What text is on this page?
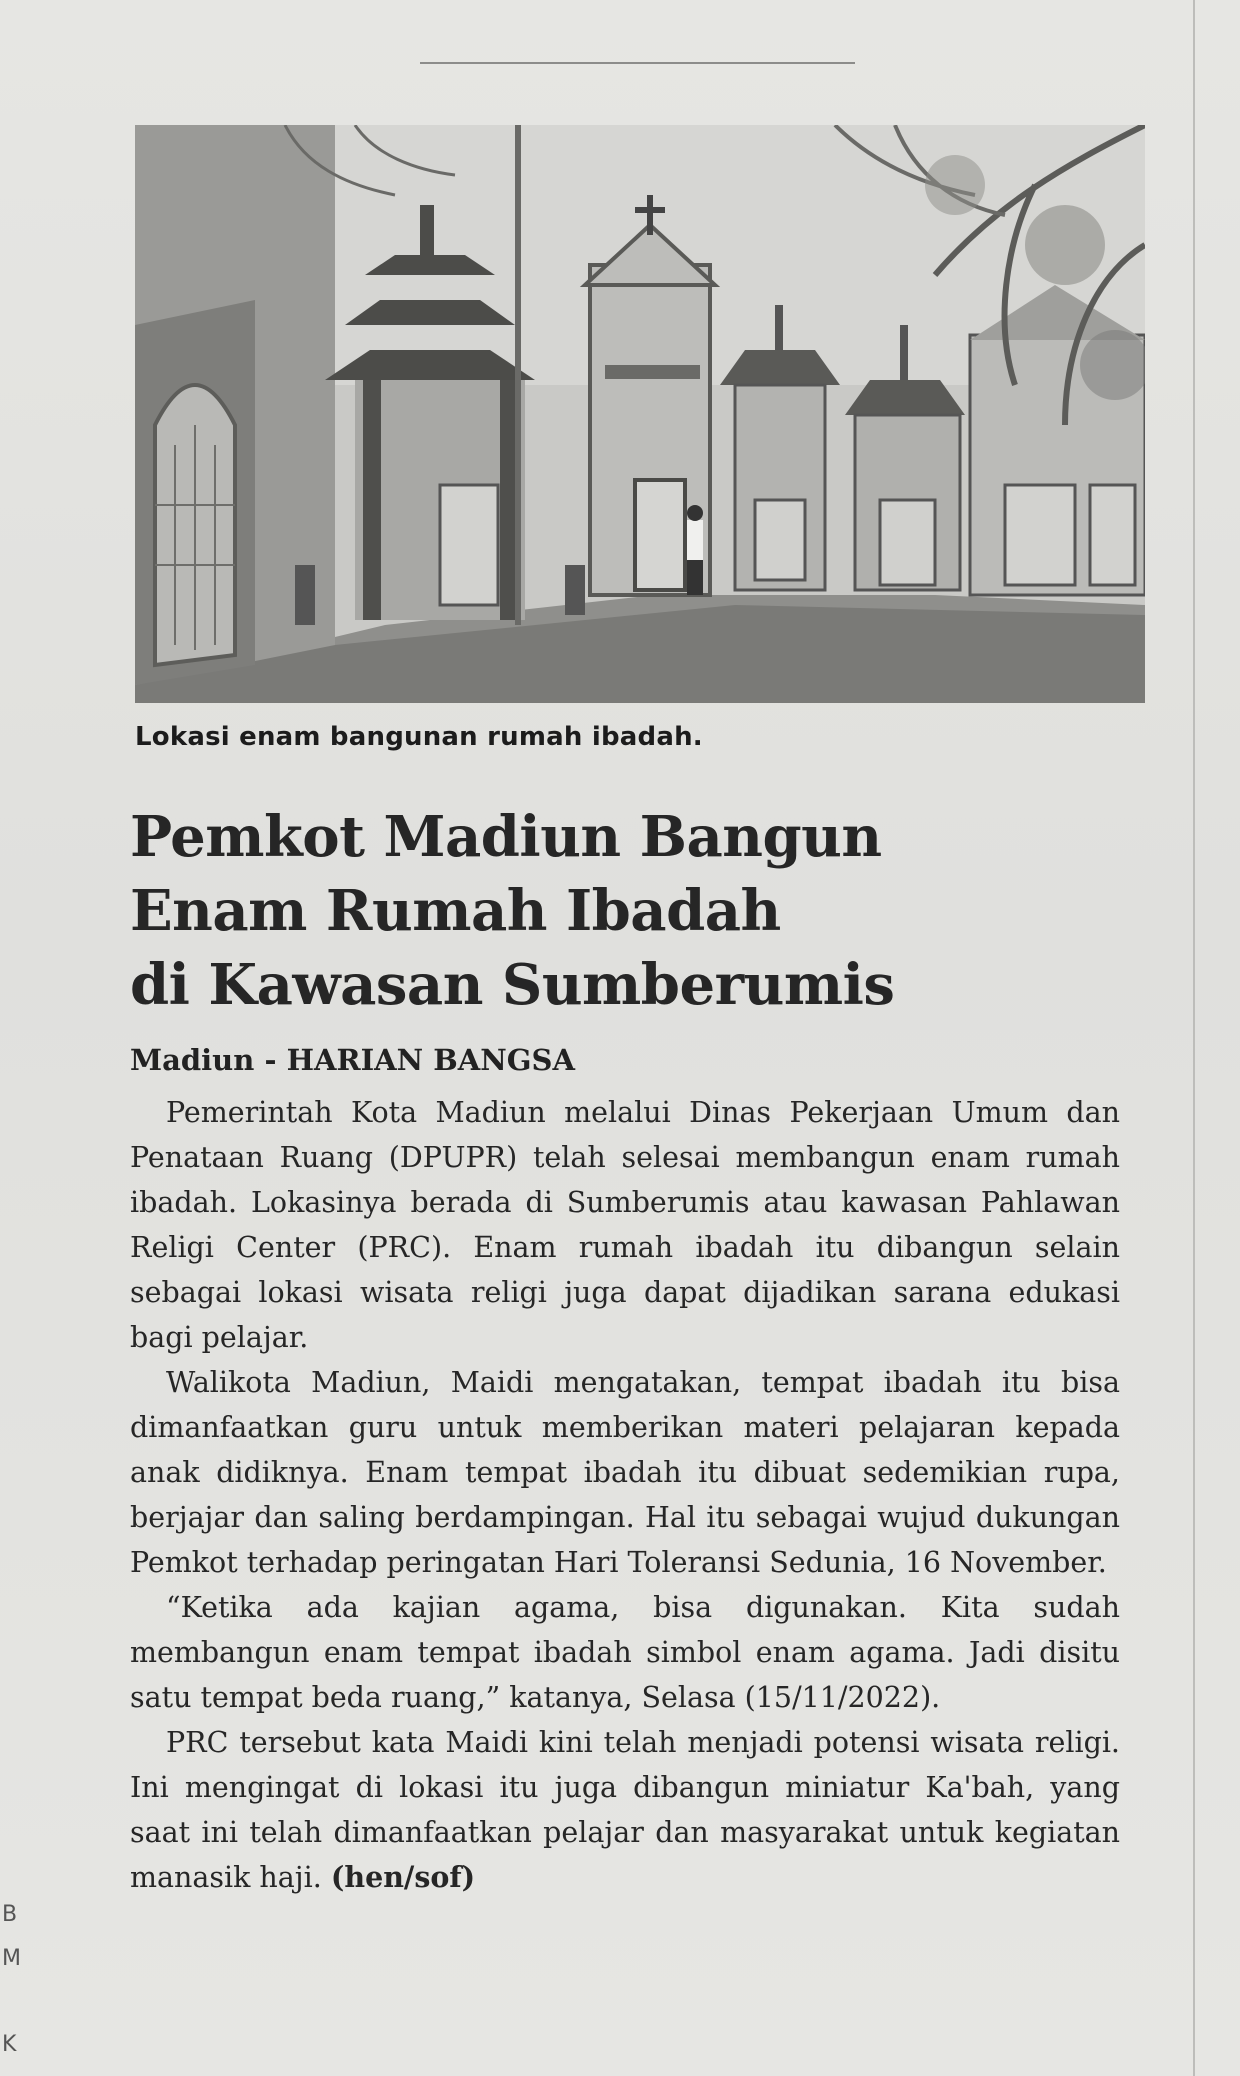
Lokasi enam bangunan rumah ibadah.
Pemkot Madiun Bangun
Enam Rumah Ibadah
di Kawasan Sumberumis
Madiun - HARIAN BANGSA

Pemerintah Kota Madiun melalui Dinas Pekerjaan Umum dan Penataan Ruang (DPUPR) telah selesai membangun enam rumah ibadah. Lokasinya berada di Sumberumis atau kawasan Pahlawan Religi Center (PRC). Enam rumah ibadah itu dibangun selain sebagai lokasi wisata religi juga dapat dijadikan sarana edukasi bagi pelajar.

Walikota Madiun, Maidi mengatakan, tempat ibadah itu bisa dimanfaatkan guru untuk memberikan materi pelajaran kepada anak didiknya. Enam tempat ibadah itu dibuat sedemikian rupa, berjajar dan saling berdampingan. Hal itu sebagai wujud dukungan Pemkot terhadap peringatan Hari Toleransi Sedunia, 16 November.

“Ketika ada kajian agama, bisa digunakan. Kita sudah membangun enam tempat ibadah simbol enam agama. Jadi disitu satu tempat beda ruang,” katanya, Selasa (15/11/2022).

PRC tersebut kata Maidi kini telah menjadi potensi wisata religi. Ini mengingat di lokasi itu juga dibangun miniatur Ka'bah, yang saat ini telah dimanfaatkan pelajar dan masyarakat untuk kegiatan manasik haji. (hen/sof)

B
M
K
